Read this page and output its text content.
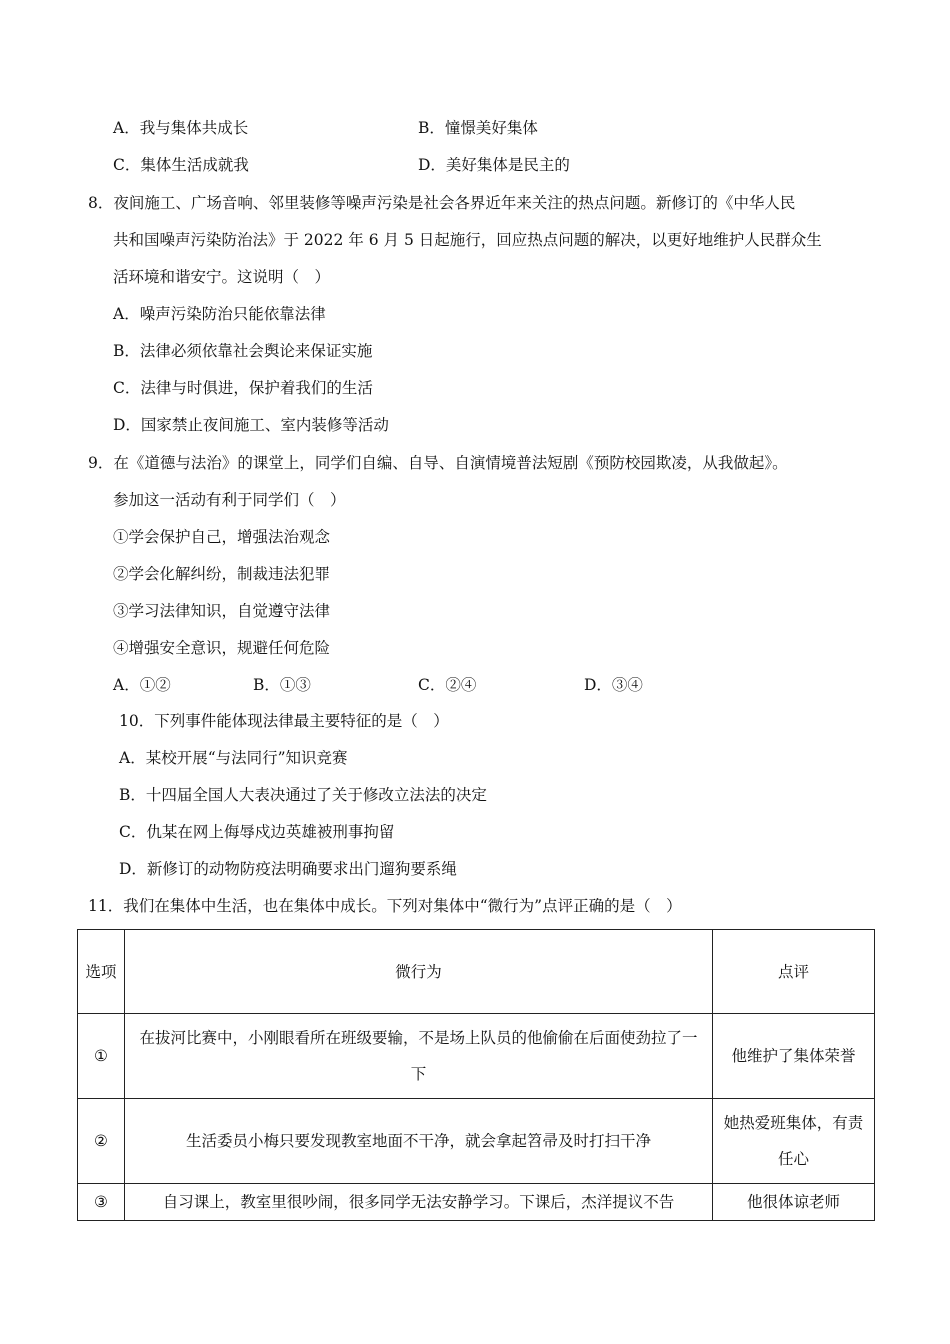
A．我与集体共成长	B．憧憬美好集体
C．集体生活成就我	D．美好集体是民主的
8．夜间施工、广场音响、邻里装修等噪声污染是社会各界近年来关注的热点问题。新修订的《中华人民
共和国噪声污染防治法》于 2022 年 6 月 5 日起施行，回应热点问题的解决，以更好地维护人民群众生
活环境和谐安宁。这说明（　）
A．噪声污染防治只能依靠法律
B．法律必须依靠社会舆论来保证实施
C．法律与时俱进，保护着我们的生活
D．国家禁止夜间施工、室内装修等活动
9．在《道德与法治》的课堂上，同学们自编、自导、自演情境普法短剧《预防校园欺凌，从我做起》。
参加这一活动有利于同学们（　）
①学会保护自己，增强法治观念
②学会化解纠纷，制裁违法犯罪
③学习法律知识，自觉遵守法律
④增强安全意识，规避任何危险
A．①②	B．①③	C．②④	D．③④
10．下列事件能体现法律最主要特征的是（　）
A．某校开展“与法同行”知识竞赛
B．十四届全国人大表决通过了关于修改立法法的决定
C．仇某在网上侮辱戍边英雄被刑事拘留
D．新修订的动物防疫法明确要求出门遛狗要系绳
11．我们在集体中生活，也在集体中成长。下列对集体中“微行为”点评正确的是（　）
选项	微行为	点评
①	在拔河比赛中，小刚眼看所在班级要输，不是场上队员的他偷偷在后面使劲拉了一下	他维护了集体荣誉
②	生活委员小梅只要发现教室地面不干净，就会拿起笤帚及时打扫干净	她热爱班集体，有责任心
③	自习课上，教室里很吵闹，很多同学无法安静学习。下课后，杰洋提议不告	他很体谅老师
